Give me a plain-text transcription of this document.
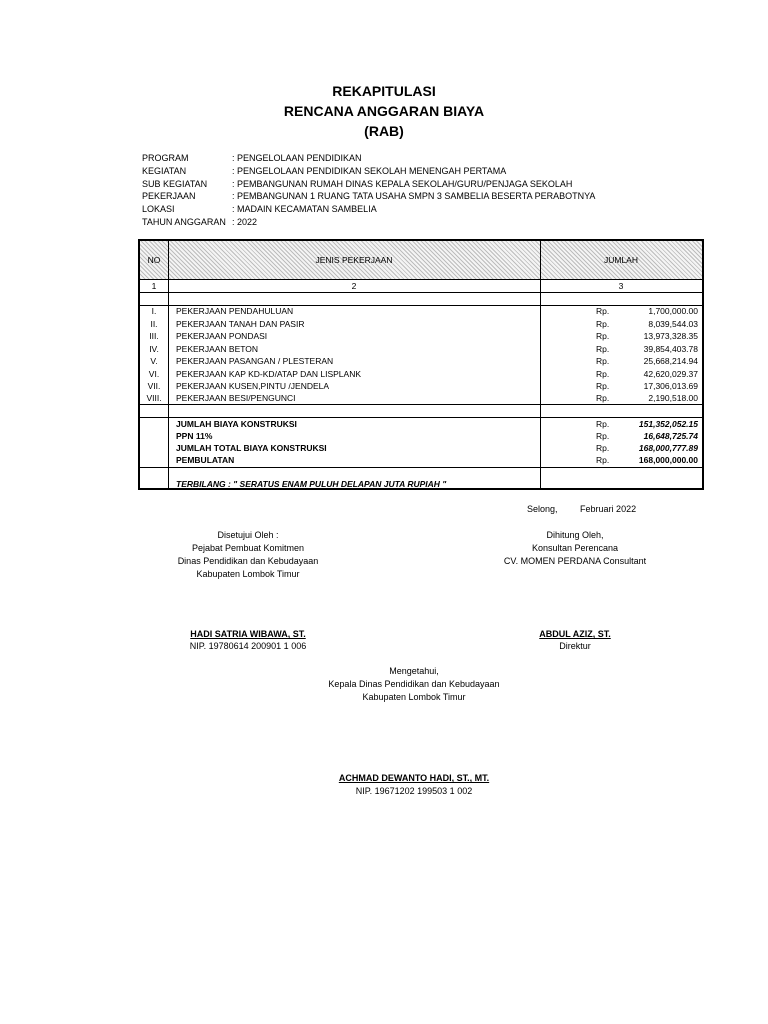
REKAPITULASI
RENCANA ANGGARAN BIAYA
(RAB)
PROGRAM	: PENGELOLAAN PENDIDIKAN
KEGIATAN	: PENGELOLAAN PENDIDIKAN SEKOLAH MENENGAH PERTAMA
SUB KEGIATAN	: PEMBANGUNAN RUMAH DINAS KEPALA SEKOLAH/GURU/PENJAGA SEKOLAH
PEKERJAAN	: PEMBANGUNAN 1 RUANG TATA USAHA SMPN 3 SAMBELIA BESERTA PERABOTNYA
LOKASI	: MADAIN KECAMATAN SAMBELIA
TAHUN ANGGARAN : 2022
NO	JENIS PEKERJAAN	JUMLAH
1	2	3
I.	PEKERJAAN PENDAHULUAN	Rp.	1,700,000.00
II.	PEKERJAAN TANAH DAN PASIR	Rp.	8,039,544.03
III.	PEKERJAAN PONDASI	Rp.	13,973,328.35
IV.	PEKERJAAN BETON	Rp.	39,854,403.78
V.	PEKERJAAN PASANGAN / PLESTERAN	Rp.	25,668,214.94
VI.	PEKERJAAN KAP KD-KD/ATAP DAN LISPLANK	Rp.	42,620,029.37
VII.	PEKERJAAN KUSEN,PINTU /JENDELA	Rp.	17,306,013.69
VIII.	PEKERJAAN BESI/PENGUNCI	Rp.	2,190,518.00
JUMLAH BIAYA KONSTRUKSI	Rp.	151,352,052.15
PPN 11%	Rp.	16,648,725.74
JUMLAH TOTAL BIAYA KONSTRUKSI	Rp.	168,000,777.89
PEMBULATAN	Rp.	168,000,000.00
TERBILANG : " SERATUS ENAM PULUH DELAPAN JUTA RUPIAH "
Selong,	Februari 2022
Disetujui Oleh :
Pejabat Pembuat Komitmen
Dinas Pendidikan dan Kebudayaan
Kabupaten Lombok Timur
HADI SATRIA WIBAWA, ST.
NIP. 19780614 200901 1 006
Dihitung Oleh,
Konsultan Perencana
CV. MOMEN PERDANA Consultant
ABDUL AZIZ, ST.
Direktur
Mengetahui,
Kepala Dinas Pendidikan dan Kebudayaan
Kabupaten Lombok Timur
ACHMAD DEWANTO HADI, ST., MT.
NIP. 19671202 199503 1 002
